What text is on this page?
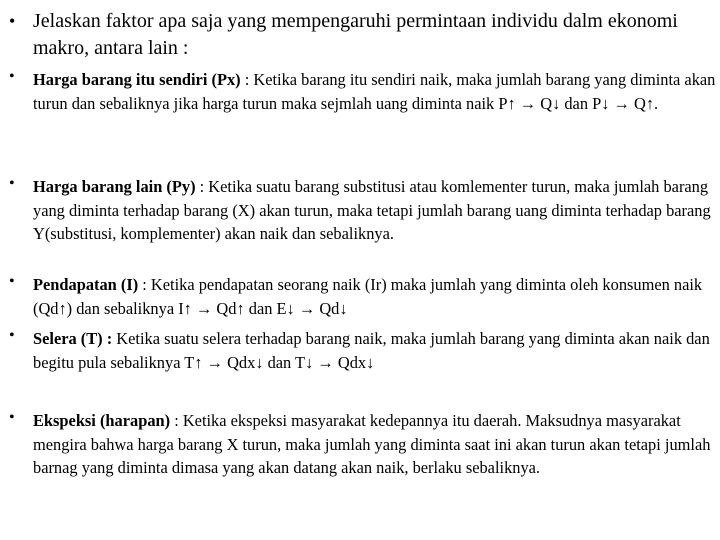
• Jelaskan faktor apa saja yang mempengaruhi permintaan individu dalm ekonomi makro, antara lain :
• Harga barang itu sendiri (Px) : Ketika barang itu sendiri naik, maka jumlah barang yang diminta akan turun dan sebaliknya jika harga turun maka sejmlah uang diminta naik P↑ → Q↓ dan P↓ → Q↑.
• Harga barang lain (Py) : Ketika suatu barang substitusi atau komlementer turun, maka jumlah barang yang diminta terhadap barang (X) akan turun, maka tetapi jumlah barang uang diminta terhadap barang Y(substitusi, komplementer) akan naik dan sebaliknya.
• Pendapatan (I) : Ketika pendapatan seorang naik (Ir) maka jumlah yang diminta oleh konsumen naik (Qd↑) dan sebaliknya I↑ → Qd↑ dan E↓ → Qd↓
• Selera (T) : Ketika suatu selera terhadap barang naik, maka jumlah barang yang diminta akan naik dan begitu pula sebaliknya T↑ → Qdx↓ dan T↓ → Qdx↓
• Ekspeksi (harapan) : Ketika ekspeksi masyarakat kedepannya itu daerah. Maksudnya masyarakat mengira bahwa harga barang X turun, maka jumlah yang diminta saat ini akan turun akan tetapi jumlah barnag yang diminta dimasa yang akan datang akan naik, berlaku sebaliknya.
